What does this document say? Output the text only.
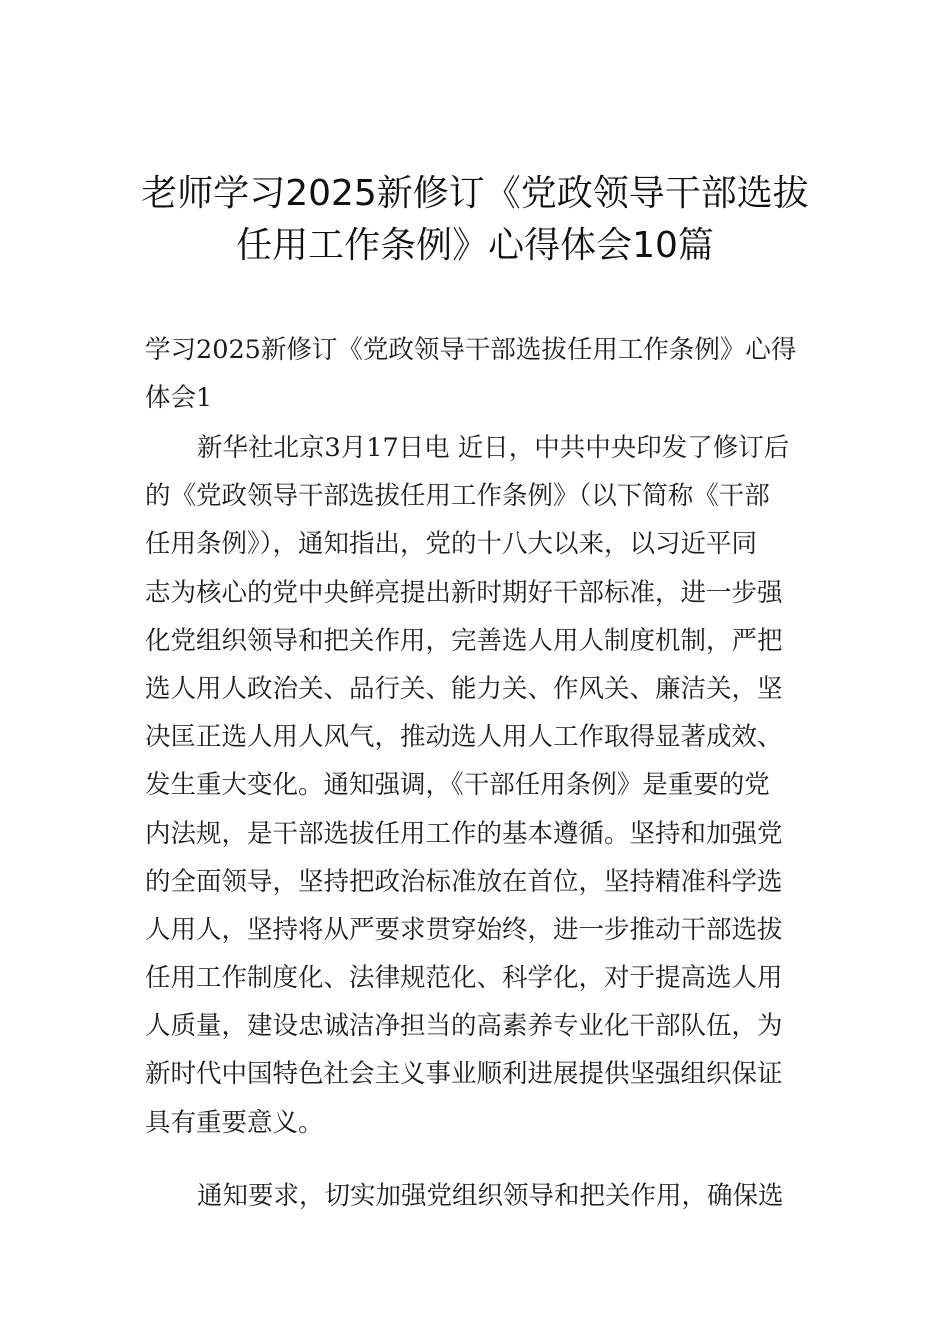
老师学习2025新修订《党政领导干部选拔
任用工作条例》心得体会10篇
学习2025新修订《党政领导干部选拔任用工作条例》心得
体会1
新华社北京3月17日电 近日，中共中央印发了修订后
的《党政领导干部选拔任用工作条例》（以下简称《干部
任用条例》），通知指出，党的十八大以来，以习近平同
志为核心的党中央鲜亮提出新时期好干部标准，进一步强
化党组织领导和把关作用，完善选人用人制度机制，严把
选人用人政治关、品行关、能力关、作风关、廉洁关，坚
决匡正选人用人风气，推动选人用人工作取得显著成效、
发生重大变化。通知强调，《干部任用条例》是重要的党
内法规，是干部选拔任用工作的基本遵循。坚持和加强党
的全面领导，坚持把政治标准放在首位，坚持精准科学选
人用人，坚持将从严要求贯穿始终，进一步推动干部选拔
任用工作制度化、法律规范化、科学化，对于提高选人用
人质量，建设忠诚洁净担当的高素养专业化干部队伍，为
新时代中国特色社会主义事业顺利进展提供坚强组织保证
具有重要意义。
通知要求，切实加强党组织领导和把关作用，确保选
